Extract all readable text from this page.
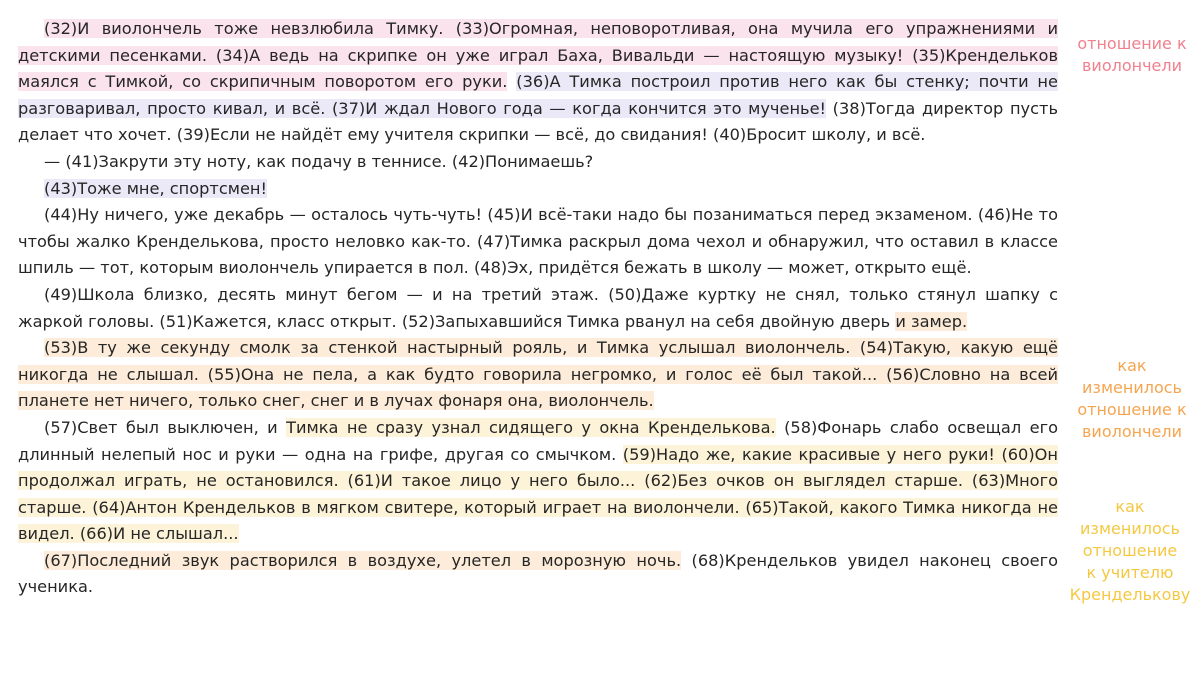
(32)И виолончель тоже невзлюбила Тимку. (33)Огромная, неповоротливая, она мучила его упражнениями и детскими песенками. (34)А ведь на скрипке он уже играл Баха, Вивальди — настоящую музыку! (35)Крендельков маялся с Тимкой, со скрипичным поворотом его руки. (36)А Тимка построил против него как бы стенку; почти не разговаривал, просто кивал, и всё. (37)И ждал Нового года — когда кончится это мученье! (38)Тогда директор пусть делает что хочет. (39)Если не найдёт ему учителя скрипки — всё, до свидания! (40)Бросит школу, и всё.

— (41)Закрути эту ноту, как подачу в теннисе. (42)Понимаешь?

(43)Тоже мне, спортсмен!

(44)Ну ничего, уже декабрь — осталось чуть-чуть! (45)И всё-таки надо бы позаниматься перед экзаменом. (46)Не то чтобы жалко Кренделькова, просто неловко как-то. (47)Тимка раскрыл дома чехол и обнаружил, что оставил в классе шпиль — тот, которым виолончель упирается в пол. (48)Эх, придётся бежать в школу — может, открыто ещё.

(49)Школа близко, десять минут бегом — и на третий этаж. (50)Даже куртку не снял, только стянул шапку с жаркой головы. (51)Кажется, класс открыт. (52)Запыхавшийся Тимка рванул на себя двойную дверь и замер.

(53)В ту же секунду смолк за стенкой настырный рояль, и Тимка услышал виолончель. (54)Такую, какую ещё никогда не слышал. (55)Она не пела, а как будто говорила негромко, и голос её был такой... (56)Словно на всей планете нет ничего, только снег, снег и в лучах фонаря она, виолончель.

(57)Свет был выключен, и Тимка не сразу узнал сидящего у окна Кренделькова. (58)Фонарь слабо освещал его длинный нелепый нос и руки — одна на грифе, другая со смычком. (59)Надо же, какие красивые у него руки! (60)Он продолжал играть, не остановился. (61)И такое лицо у него было... (62)Без очков он выглядел старше. (63)Много старше. (64)Антон Крендельков в мягком свитере, который играет на виолончели. (65)Такой, какого Тимка никогда не видел. (66)И не слышал...

(67)Последний звук растворился в воздухе, улетел в морозную ночь. (68)Крендельков увидел наконец своего ученика.

отношение к
виолончели
как
изменилось
отношение к
виолончели
как
изменилось
отношение
к учителю
Кренделькову
